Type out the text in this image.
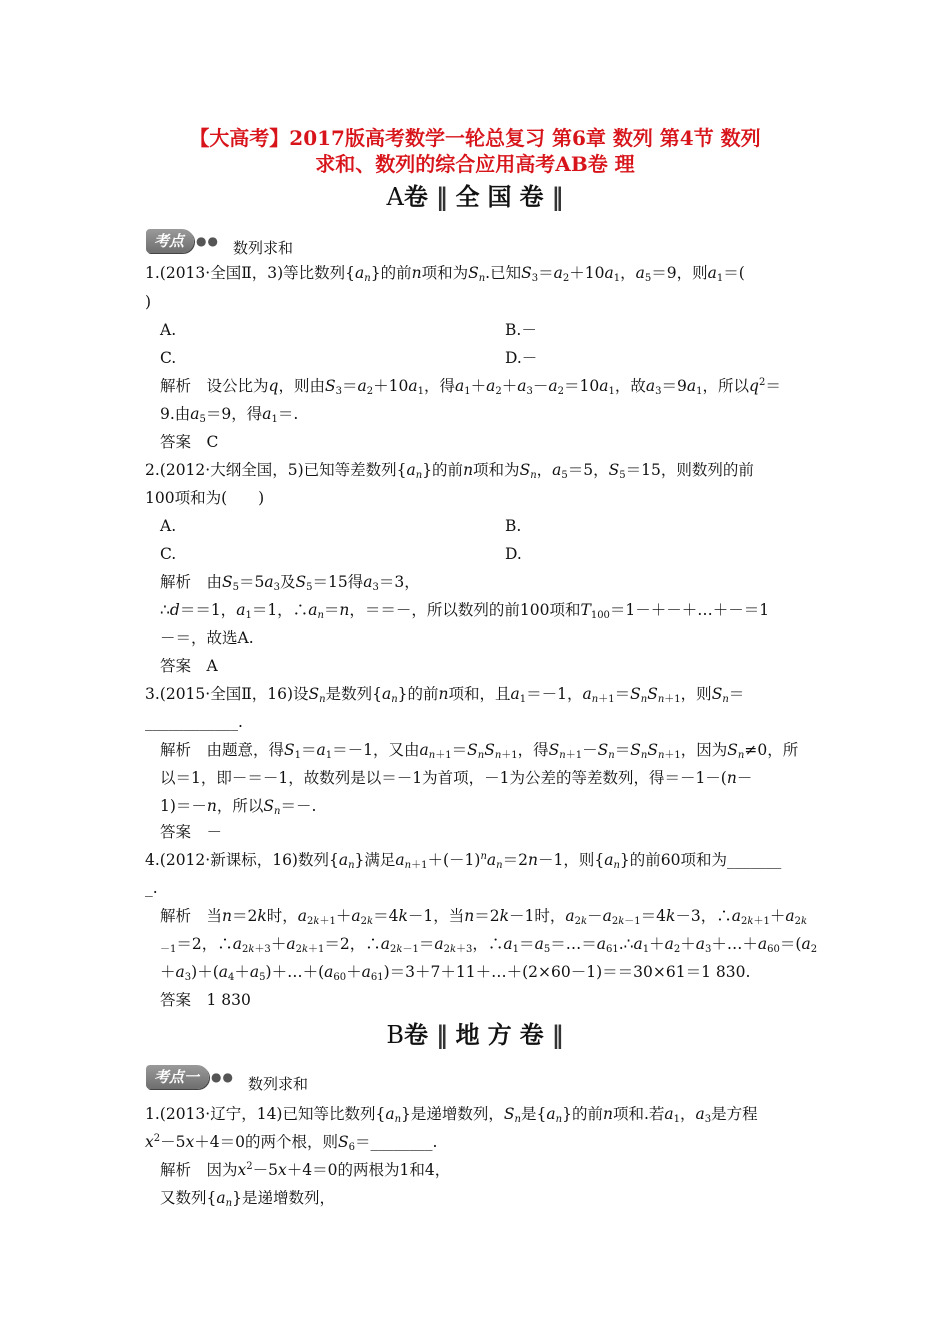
【大高考】2017版高考数学一轮总复习 第6章 数列 第4节 数列
求和、数列的综合应用高考AB卷 理
A卷‖ 全国卷‖
考点	●● 数列求和
1.(2013·全国Ⅱ，3)等比数列$\{a_n\}$的前n项和为$S_n$.已知$S_3=a_2+10a_1$，$a_5=9$，则$a_1=$(
)
A.	B.－
C.	D.－
解析　设公比为q，则由$S_3=a_2+10a_1$，得$a_1+a_2+a_3-a_2=10a_1$，故$a_3=9a_1$，所以$q^2=$
9.由$a_5=9$，得$a_1=$.
答案　C
2.(2012·大纲全国，5)已知等差数列$\{a_n\}$的前n项和为$S_n$，$a_5=5$，$S_5=15$，则数列的前
100项和为(　　)
A.	B.
C.	D.
解析　由$S_5=5a_3$及$S_5=15$得$a_3=3$，
∴d＝＝1，$a_1=1$，$\therefore a_n=n$，＝＝－，所以数列的前100项和$T_{100}=1-+-+\dots+-=1$
－＝，故选A.
答案　A
3.(2015·全国Ⅱ，16)设$S_n$是数列$\{a_n\}$的前n项和，且$a_1=-1$，$a_{n+1}=S_nS_{n+1}$，则$S_n=$
____________.
解析　由题意，得$S_1=a_1=-1$，又由$a_{n+1}=S_nS_{n+1}$，得$S_{n+1}-S_n=S_nS_{n+1}$，因为$S_n\ne 0$，所
以＝1，即－＝－1，故数列是以＝－1为首项，－1为公差的等差数列，得＝－1－(n－
1)＝－n，所以$S_n=-$.
答案　－
4.(2012·新课标，16)数列$\{a_n\}$满足$a_{n+1}+(-1)^na_n=2n-1$，则$\{a_n\}$的前60项和为_______
_.
解析　当n＝2k时，$a_{2k+1}+a_{2k}=4k-1$，当n＝2k－1时，$a_{2k}-a_{2k-1}=4k-3$，$\therefore a_{2k+1}+a_{2k}$
$_{-1}$＝2，$\therefore a_{2k+3}+a_{2k+1}=2$，$\therefore a_{2k-1}=a_{2k+3}$，$\therefore a_1=a_5=\dots=a_{61}.\therefore a_1+a_2+a_3+\dots+a_{60}=(a_2$
$+a_3)+(a_4+a_5)+\dots+(a_{60}+a_{61})=3+7+11+\dots+(2\times 60-1)==30\times 61=1$ 830.
答案　1 830
B卷‖ 地方卷‖
考点一	●● 数列求和
1.(2013·辽宁，14)已知等比数列$\{a_n\}$是递增数列，$S_n$是$\{a_n\}$的前n项和.若$a_1$，$a_3$是方程
$x^2-5x+4=0$的两个根，则$S_6=\_\_\_\_\_\_\_\_$.
解析　因为$x^2-5x+4=0$的两根为1和4，
又数列$\{a_n\}$是递增数列，
